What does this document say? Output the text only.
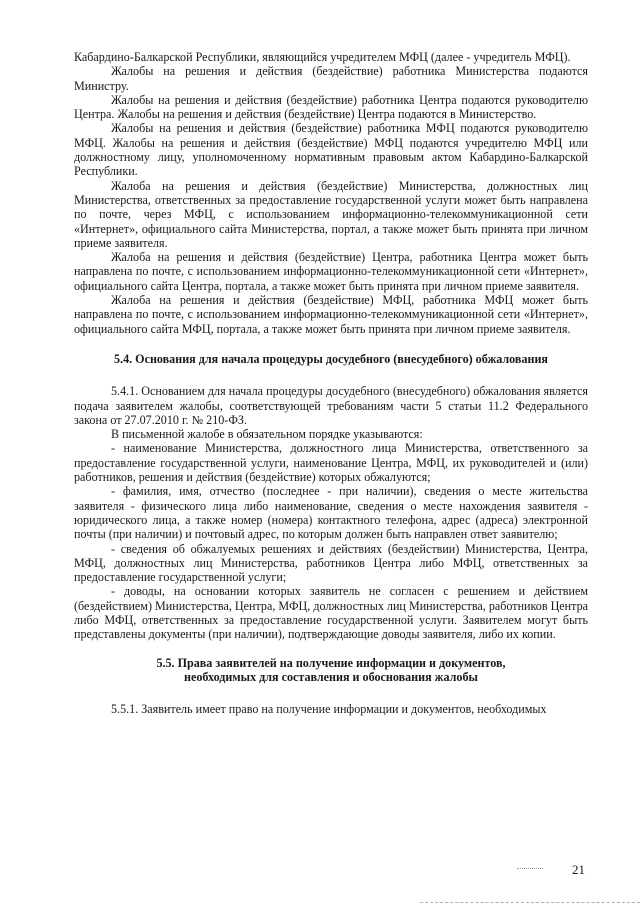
Кабардино-Балкарской Республики, являющийся учредителем МФЦ (далее - учредитель МФЦ).

Жалобы на решения и действия (бездействие) работника Министерства подаются Министру.

Жалобы на решения и действия (бездействие) работника Центра подаются руководителю Центра. Жалобы на решения и действия (бездействие) Центра подаются в Министерство.

Жалобы на решения и действия (бездействие) работника МФЦ подаются руководителю МФЦ. Жалобы на решения и действия (бездействие) МФЦ подаются учредителю МФЦ или должностному лицу, уполномоченному нормативным правовым актом Кабардино-Балкарской Республики.

Жалоба на решения и действия (бездействие) Министерства, должностных лиц Министерства, ответственных за предоставление государственной услуги может быть направлена по почте, через МФЦ, с использованием информационно-телекоммуникационной сети «Интернет», официального сайта Министерства, портал, а также может быть принята при личном приеме заявителя.

Жалоба на решения и действия (бездействие) Центра, работника Центра может быть направлена по почте, с использованием информационно-телекоммуникационной сети «Интернет», официального сайта Центра, портала, а также может быть принята при личном приеме заявителя.

Жалоба на решения и действия (бездействие) МФЦ, работника МФЦ может быть направлена по почте, с использованием информационно-телекоммуникационной сети «Интернет», официального сайта МФЦ, портала, а также может быть принята при личном приеме заявителя.

5.4. Основания для начала процедуры досудебного (внесудебного) обжалования

5.4.1. Основанием для начала процедуры досудебного (внесудебного) обжалования является подача заявителем жалобы, соответствующей требованиям части 5 статьи 11.2 Федерального закона от 27.07.2010 г. № 210-ФЗ.

В письменной жалобе в обязательном порядке указываются:

- наименование Министерства, должностного лица Министерства, ответственного за предоставление государственной услуги, наименование Центра, МФЦ, их руководителей и (или) работников, решения и действия (бездействие) которых обжалуются;

- фамилия, имя, отчество (последнее - при наличии), сведения о месте жительства заявителя - физического лица либо наименование, сведения о месте нахождения заявителя - юридического лица, а также номер (номера) контактного телефона, адрес (адреса) электронной почты (при наличии) и почтовый адрес, по которым должен быть направлен ответ заявителю;

- сведения об обжалуемых решениях и действиях (бездействии) Министерства, Центра, МФЦ, должностных лиц Министерства, работников Центра либо МФЦ, ответственных за предоставление государственной услуги;

- доводы, на основании которых заявитель не согласен с решением и действием (бездействием) Министерства, Центра, МФЦ, должностных лиц Министерства, работников Центра либо МФЦ, ответственных за предоставление государственной услуги. Заявителем могут быть представлены документы (при наличии), подтверждающие доводы заявителя, либо их копии.

5.5. Права заявителей на получение информации и документов,
необходимых для составления и обоснования жалобы

5.5.1. Заявитель имеет право на получение информации и документов, необходимых

21
